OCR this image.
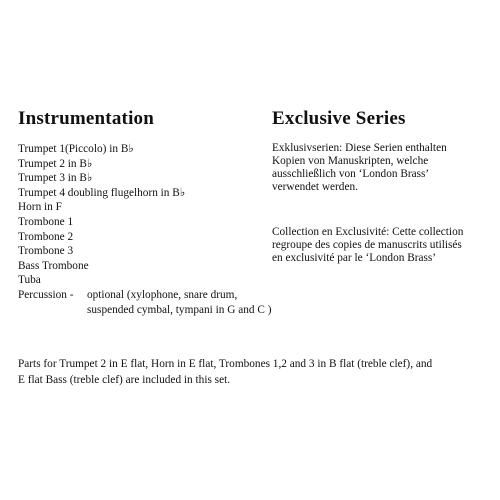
Instrumentation
Trumpet 1(Piccolo) in B♭
Trumpet 2 in B♭
Trumpet 3 in B♭
Trumpet 4 doubling flugelhorn in B♭
Horn in F
Trombone 1
Trombone 2
Trombone 3
Bass Trombone
Tuba
Percussion -	optional (xylophone, snare drum,
suspended cymbal, tympani in G and C )
Exclusive Series

Exklusivserien: Diese Serien enthalten
Kopien von Manuskripten, welche
ausschließlich von ‘London Brass’
verwendet werden.

Collection en Exclusivité: Cette collection
regroupe des copies de manuscrits utilisés
en exclusivité par le ‘London Brass’

Parts for Trumpet 2 in E flat, Horn in E flat, Trombones 1,2 and 3 in B flat (treble clef), and
E flat Bass (treble clef) are included in this set.
